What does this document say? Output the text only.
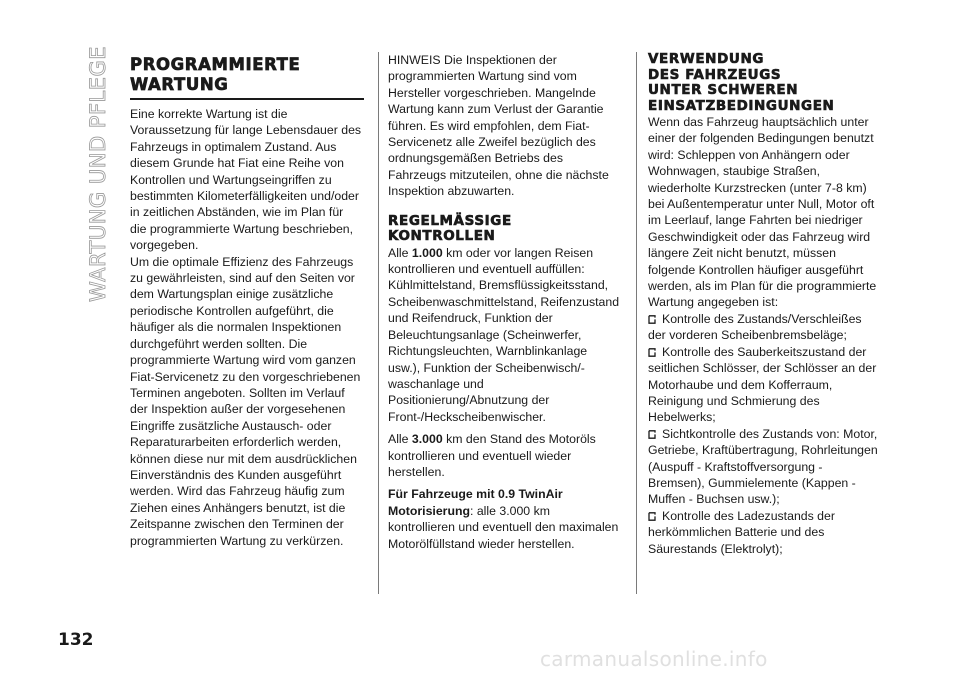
WARTUNG UND PFLEGE PROGRAMMIERTE
WARTUNG

Eine korrekte Wartung ist die Voraussetzung für lange Lebensdauer des Fahrzeugs in optimalem Zustand. Aus diesem Grunde hat Fiat eine Reihe von Kontrollen und Wartungseingriffen zu bestimmten Kilometerfälligkeiten und/oder in zeitlichen Abständen, wie im Plan für die programmierte Wartung beschrieben, vorgegeben.

Um die optimale Effizienz des Fahrzeugs zu gewährleisten, sind auf den Seiten vor dem Wartungsplan einige zusätzliche periodische Kontrollen aufgeführt, die häufiger als die normalen Inspektionen durchgeführt werden sollten. Die programmierte Wartung wird vom ganzen Fiat-Servicenetz zu den vorgeschriebenen Terminen angeboten. Sollten im Verlauf der Inspektion außer der vorgesehenen Eingriffe zusätzliche Austausch- oder Reparaturarbeiten erforderlich werden, können diese nur mit dem ausdrücklichen Einverständnis des Kunden ausgeführt werden. Wird das Fahrzeug häufig zum Ziehen eines Anhängers benutzt, ist die Zeitspanne zwischen den Terminen der programmierten Wartung zu verkürzen.

HINWEIS Die Inspektionen der programmierten Wartung sind vom Hersteller vorgeschrieben. Mangelnde Wartung kann zum Verlust der Garantie führen. Es wird empfohlen, dem Fiat-Servicenetz alle Zweifel bezüglich des ordnungsgemäßen Betriebs des Fahrzeugs mitzuteilen, ohne die nächste Inspektion abzuwarten.

REGELMÄSSIGE
KONTROLLEN

Alle 1.000 km oder vor langen Reisen kontrollieren und eventuell auffüllen: Kühlmittelstand, Bremsflüssigkeitsstand, Scheibenwaschmittelstand, Reifenzustand und Reifendruck, Funktion der Beleuchtungsanlage (Scheinwerfer, Richtungsleuchten, Warnblinkanlage usw.), Funktion der Scheibenwisch/-waschanlage und Positionierung/Abnutzung der Front-/Heckscheibenwischer.

Alle 3.000 km den Stand des Motoröls kontrollieren und eventuell wieder herstellen.

Für Fahrzeuge mit 0.9 TwinAir Motorisierung: alle 3.000 km kontrollieren und eventuell den maximalen Motorölfüllstand wieder herstellen.

VERWENDUNG
DES FAHRZEUGS
UNTER SCHWEREN
EINSATZBEDINGUNGEN

Wenn das Fahrzeug hauptsächlich unter einer der folgenden Bedingungen benutzt wird: Schleppen von Anhängern oder Wohnwagen, staubige Straßen, wiederholte Kurzstrecken (unter 7-8 km) bei Außentemperatur unter Null, Motor oft im Leerlauf, lange Fahrten bei niedriger Geschwindigkeit oder das Fahrzeug wird längere Zeit nicht benutzt, müssen folgende Kontrollen häufiger ausgeführt werden, als im Plan für die programmierte Wartung angegeben ist:

Kontrolle des Zustands/Verschleißes der vorderen Scheibenbremsbeläge;

Kontrolle des Sauberkeitszustand der seitlichen Schlösser, der Schlösser an der Motorhaube und dem Kofferraum, Reinigung und Schmierung des Hebelwerks;

Sichtkontrolle des Zustands von: Motor, Getriebe, Kraftübertragung, Rohrleitungen (Auspuff - Kraftstoffversorgung - Bremsen), Gummielemente (Kappen - Muffen - Buchsen usw.);

Kontrolle des Ladezustands der herkömmlichen Batterie und des Säurestands (Elektrolyt);

132
carmanualsonline.info
